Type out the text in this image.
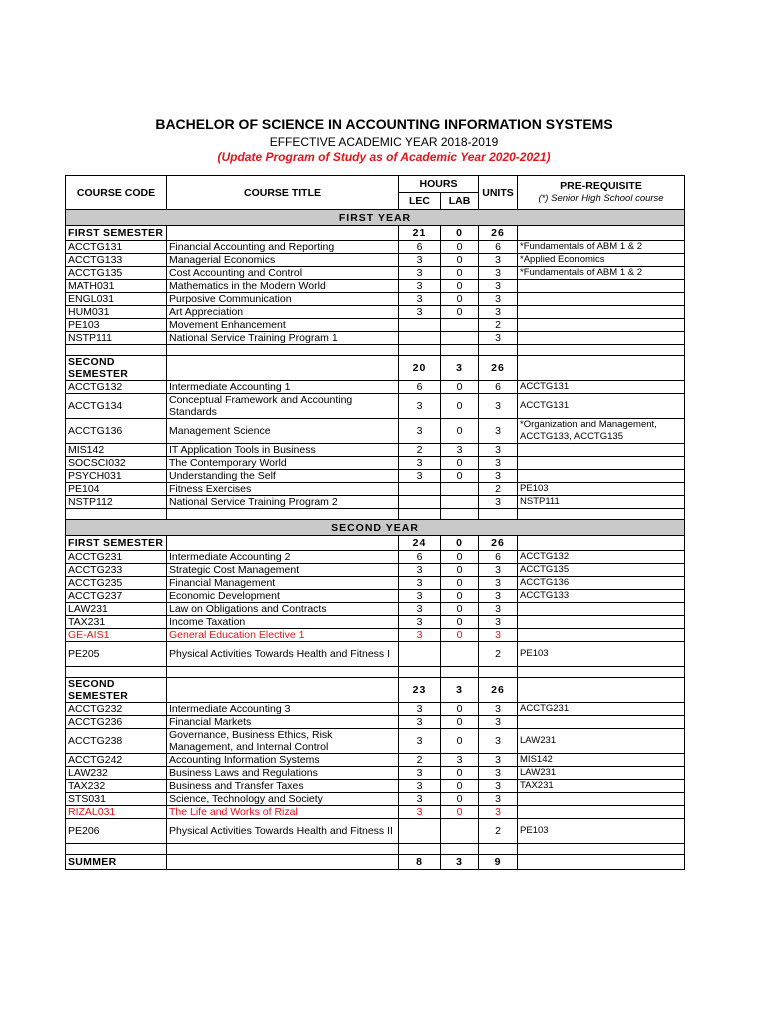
BACHELOR OF SCIENCE IN ACCOUNTING INFORMATION SYSTEMS
EFFECTIVE ACADEMIC YEAR 2018-2019
(Update Program of Study as of Academic Year 2020-2021)
COURSE CODE	COURSE TITLE	HOURS		UNITS	PRE-REQUISITE
(*) Senior High School course

		LEC	LAB		
FIRST YEAR					
FIRST SEMESTER		21	0	26	
ACCTG131	Financial Accounting and Reporting	6	0	6	*Fundamentals of ABM 1 & 2
ACCTG133	Managerial Economics	3	0	3	*Applied Economics
ACCTG135	Cost Accounting and Control	3	0	3	*Fundamentals of ABM 1 & 2
MATH031	Mathematics in the Modern World	3	0	3	
ENGL031	Purposive Communication	3	0	3	
HUM031	Art Appreciation	3	0	3	
PE103	Movement Enhancement			2	
NSTP111	National Service Training Program 1			3	

SECOND SEMESTER		20	3	26	
ACCTG132	Intermediate Accounting 1	6	0	6	ACCTG131
ACCTG134	Conceptual Framework and Accounting Standards	3	0	3	ACCTG131
ACCTG136	Management Science	3	0	3	*Organization and Management, ACCTG133, ACCTG135
MIS142	IT Application Tools in Business	2	3	3	
SOCSCI032	The Contemporary World	3	0	3	
PSYCH031	Understanding the Self	3	0	3	
PE104	Fitness Exercises			2	PE103
NSTP112	National Service Training Program 2			3	NSTP111

SECOND YEAR					
FIRST SEMESTER		24	0	26	
ACCTG231	Intermediate Accounting 2	6	0	6	ACCTG132
ACCTG233	Strategic Cost Management	3	0	3	ACCTG135
ACCTG235	Financial Management	3	0	3	ACCTG136
ACCTG237	Economic Development	3	0	3	ACCTG133
LAW231	Law on Obligations and Contracts	3	0	3	
TAX231	Income Taxation	3	0	3	
GE-AIS1	General Education Elective 1	3	0	3	
PE205	Physical Activities Towards Health and Fitness I			2	PE103

SECOND SEMESTER		23	3	26	
ACCTG232	Intermediate Accounting 3	3	0	3	ACCTG231
ACCTG236	Financial Markets	3	0	3	
ACCTG238	Governance, Business Ethics, Risk Management, and Internal Control	3	0	3	LAW231
ACCTG242	Accounting Information Systems	2	3	3	MIS142
LAW232	Business Laws and Regulations	3	0	3	LAW231
TAX232	Business and Transfer Taxes	3	0	3	TAX231
STS031	Science, Technology and Society	3	0	3	
RIZAL031	The Life and Works of Rizal	3	0	3	
PE206	Physical Activities Towards Health and Fitness II			2	PE103

SUMMER		8	3	9	
